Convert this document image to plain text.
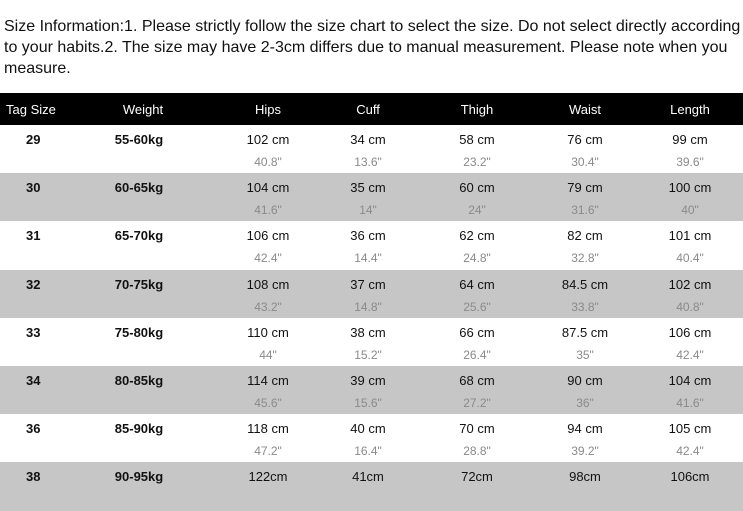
Size Information:1. Please strictly follow the size chart to select the size. Do not select directly according to your habits.2. The size may have 2-3cm differs due to manual measurement. Please note when you measure.
Tag Size	Weight	Hips	Cuff	Thigh	Waist	Length
29	55-60kg	102 cm	34 cm	58 cm	76 cm	99 cm
40.8"	13.6"	23.2"	30.4"	39.6"
30	60-65kg	104 cm	35 cm	60 cm	79 cm	100 cm
41.6"	14"	24"	31.6"	40"
31	65-70kg	106 cm	36 cm	62 cm	82 cm	101 cm
42.4"	14.4"	24.8"	32.8"	40.4"
32	70-75kg	108 cm	37 cm	64 cm	84.5 cm	102 cm
43.2"	14.8"	25.6"	33.8"	40.8"
33	75-80kg	110 cm	38 cm	66 cm	87.5 cm	106 cm
44"	15.2"	26.4"	35"	42.4"
34	80-85kg	114 cm	39 cm	68 cm	90 cm	104 cm
45.6"	15.6"	27.2"	36"	41.6"
36	85-90kg	118 cm	40 cm	70 cm	94 cm	105 cm
47.2"	16.4"	28.8"	39.2"	42.4"
38	90-95kg	122cm	41cm	72cm	98cm	106cm
